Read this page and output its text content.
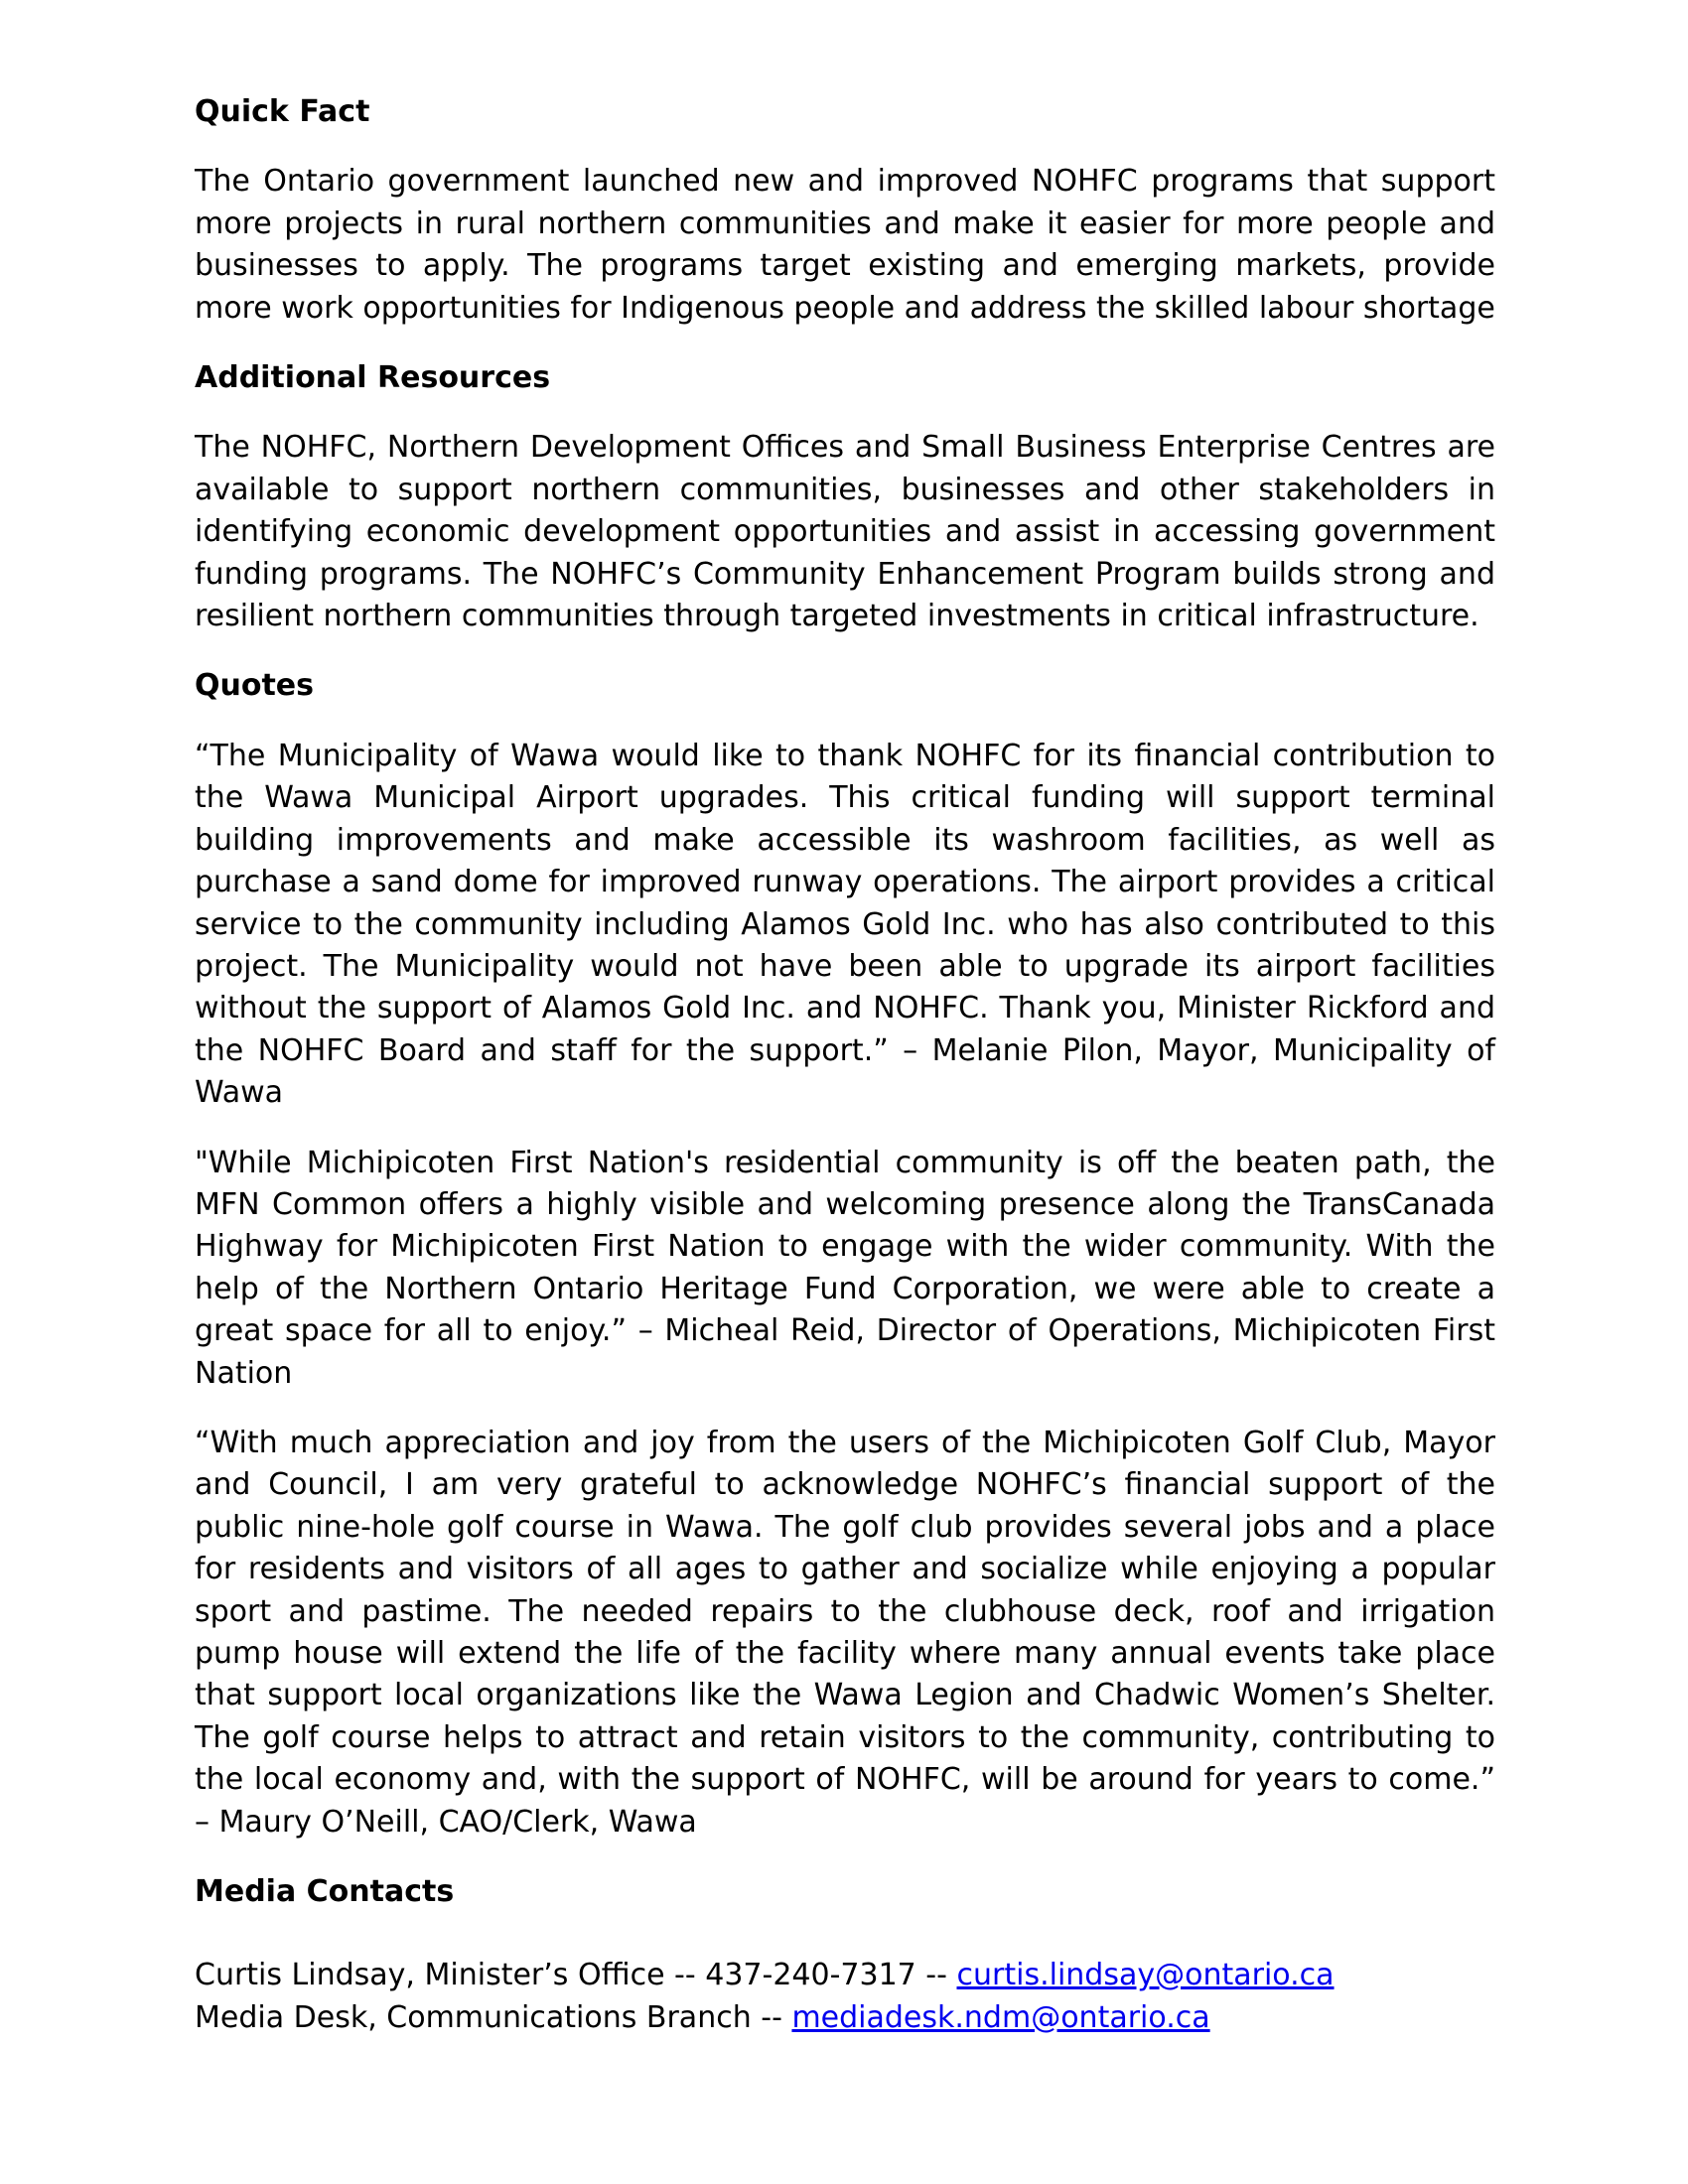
Quick Fact
The Ontario government launched new and improved NOHFC programs that support more projects in rural northern communities and make it easier for more people and businesses to apply. The programs target existing and emerging markets, provide more work opportunities for Indigenous people and address the skilled labour shortage
Additional Resources
The NOHFC, Northern Development Offices and Small Business Enterprise Centres are available to support northern communities, businesses and other stakeholders in identifying economic development opportunities and assist in accessing government funding programs. The NOHFC’s Community Enhancement Program builds strong and resilient northern communities through targeted investments in critical infrastructure.
Quotes
“The Municipality of Wawa would like to thank NOHFC for its financial contribution to the Wawa Municipal Airport upgrades. This critical funding will support terminal building improvements and make accessible its washroom facilities, as well as purchase a sand dome for improved runway operations. The airport provides a critical service to the community including Alamos Gold Inc. who has also contributed to this project. The Municipality would not have been able to upgrade its airport facilities without the support of Alamos Gold Inc. and NOHFC. Thank you, Minister Rickford and the NOHFC Board and staff for the support.” – Melanie Pilon, Mayor, Municipality of Wawa
"While Michipicoten First Nation's residential community is off the beaten path, the MFN Common offers a highly visible and welcoming presence along the TransCanada Highway for Michipicoten First Nation to engage with the wider community. With the help of the Northern Ontario Heritage Fund Corporation, we were able to create a great space for all to enjoy.” – Micheal Reid, Director of Operations, Michipicoten First Nation
“With much appreciation and joy from the users of the Michipicoten Golf Club, Mayor and Council, I am very grateful to acknowledge NOHFC’s financial support of the public nine-hole golf course in Wawa. The golf club provides several jobs and a place for residents and visitors of all ages to gather and socialize while enjoying a popular sport and pastime. The needed repairs to the clubhouse deck, roof and irrigation pump house will extend the life of the facility where many annual events take place that support local organizations like the Wawa Legion and Chadwic Women’s Shelter. The golf course helps to attract and retain visitors to the community, contributing to the local economy and, with the support of NOHFC, will be around for years to come.” – Maury O’Neill, CAO/Clerk, Wawa
Media Contacts
Curtis Lindsay, Minister’s Office -- 437-240-7317 -- curtis.lindsay@ontario.ca
Media Desk, Communications Branch -- mediadesk.ndm@ontario.ca
